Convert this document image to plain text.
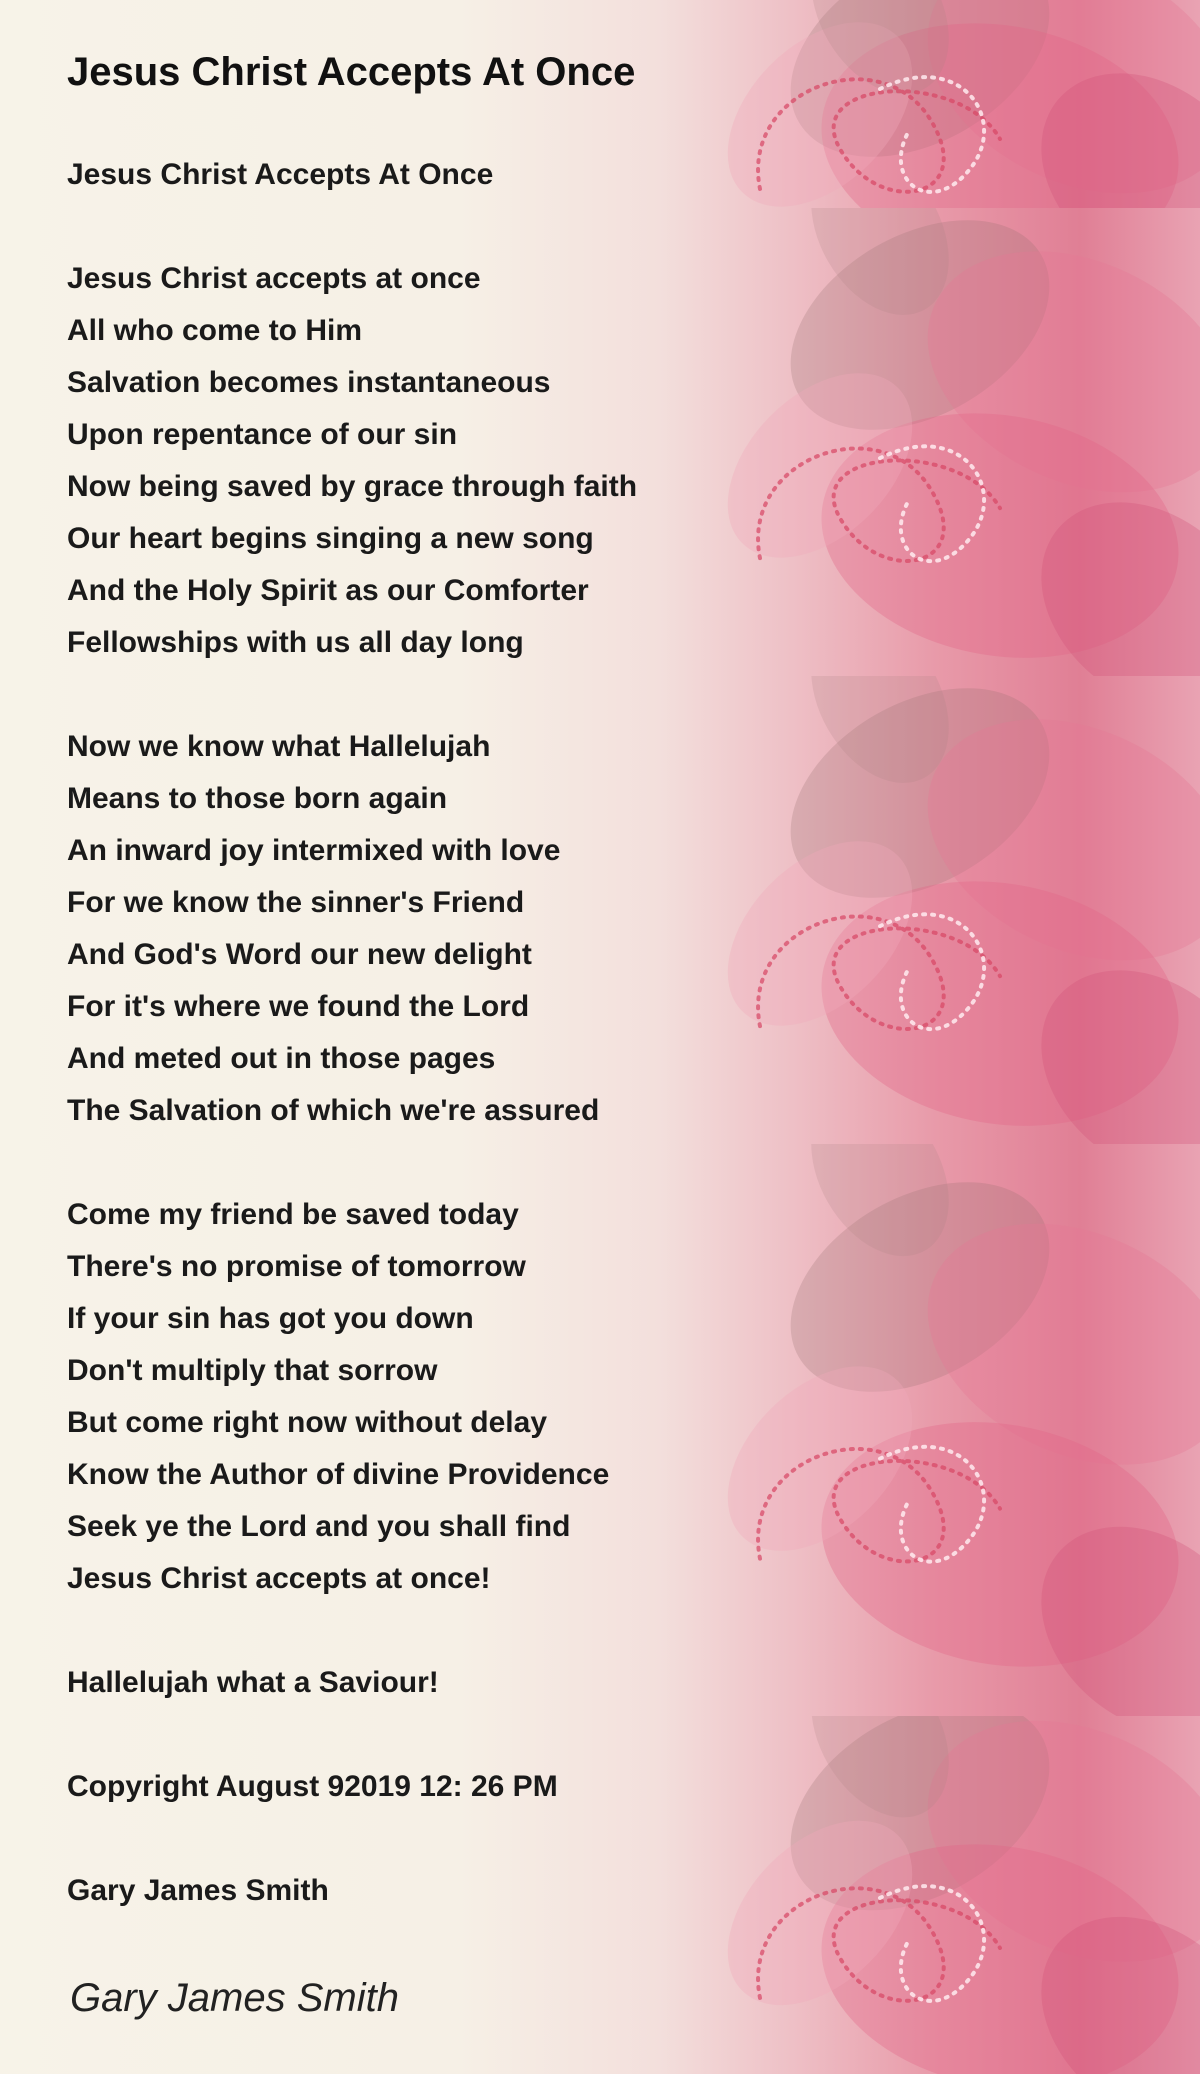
Jesus Christ Accepts At Once
Jesus Christ Accepts At Once
Jesus Christ accepts at once
All who come to Him
Salvation becomes instantaneous
Upon repentance of our sin
Now being saved by grace through faith
Our heart begins singing a new song
And the Holy Spirit as our Comforter
Fellowships with us all day long
Now we know what Hallelujah
Means to those born again
An inward joy intermixed with love
For we know the sinner's Friend
And God's Word our new delight
For it's where we found the Lord
And meted out in those pages
The Salvation of which we're assured
Come my friend be saved today
There's no promise of tomorrow
If your sin has got you down
Don't multiply that sorrow
But come right now without delay
Know the Author of divine Providence
Seek ye the Lord and you shall find
Jesus Christ accepts at once!
Hallelujah what a Saviour!
Copyright August 92019 12: 26 PM
Gary James Smith
Gary James Smith
